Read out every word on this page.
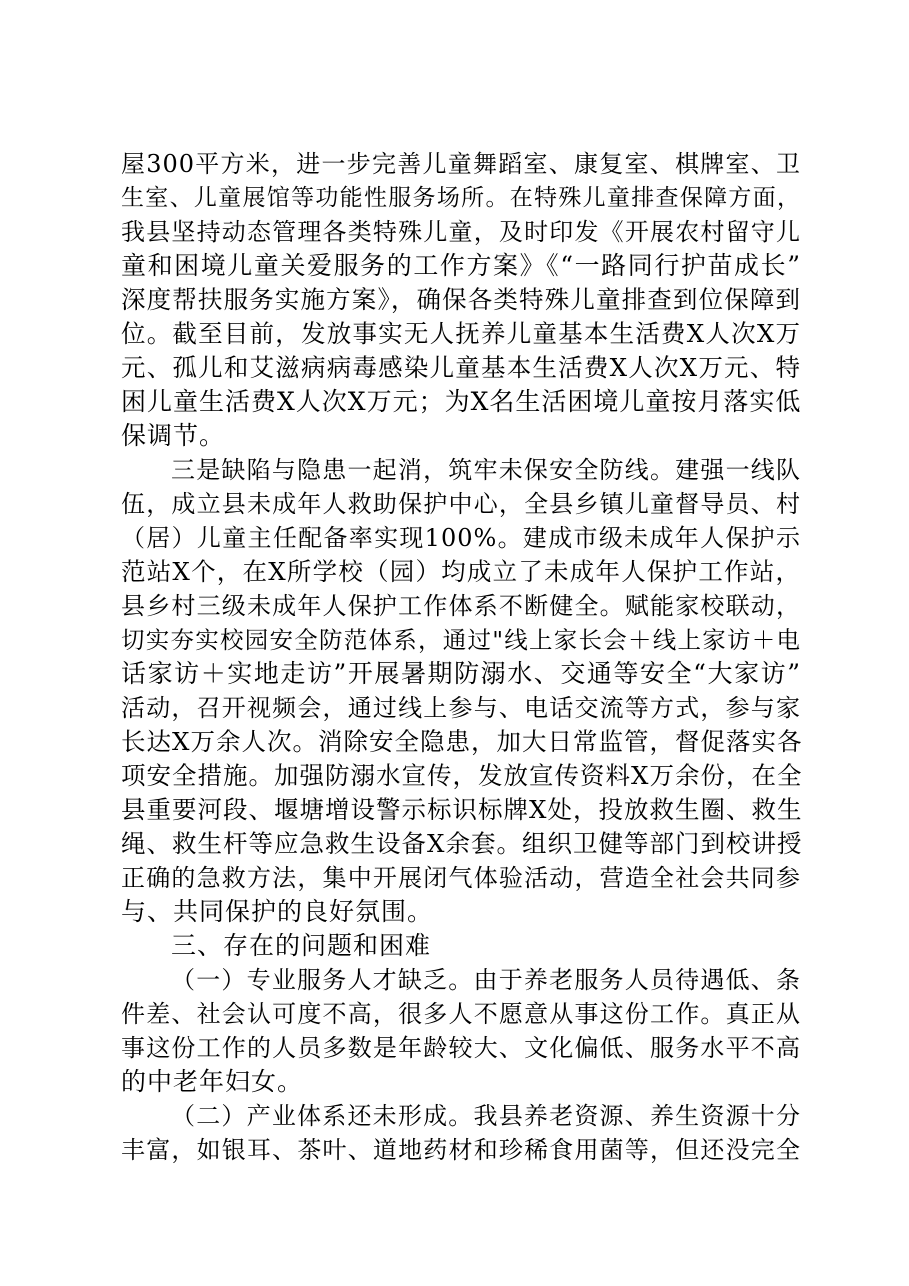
屋300平方米，进一步完善儿童舞蹈室、康复室、棋牌室、卫
生室、儿童展馆等功能性服务场所。在特殊儿童排查保障方面，
我县坚持动态管理各类特殊儿童，及时印发《开展农村留守儿
童和困境儿童关爱服务的工作方案》《“一路同行护苗成长”
深度帮扶服务实施方案》，确保各类特殊儿童排查到位保障到
位。截至目前，发放事实无人抚养儿童基本生活费X人次X万
元、孤儿和艾滋病病毒感染儿童基本生活费X人次X万元、特
困儿童生活费X人次X万元；为X名生活困境儿童按月落实低
保调节。
三是缺陷与隐患一起消，筑牢未保安全防线。建强一线队
伍，成立县未成年人救助保护中心，全县乡镇儿童督导员、村
（居）儿童主任配备率实现100%。建成市级未成年人保护示
范站X个，在X所学校（园）均成立了未成年人保护工作站，
县乡村三级未成年人保护工作体系不断健全。赋能家校联动，
切实夯实校园安全防范体系，通过"线上家长会＋线上家访＋电
话家访＋实地走访”开展暑期防溺水、交通等安全“大家访”
活动，召开视频会，通过线上参与、电话交流等方式，参与家
长达X万余人次。消除安全隐患，加大日常监管，督促落实各
项安全措施。加强防溺水宣传，发放宣传资料X万余份，在全
县重要河段、堰塘增设警示标识标牌X处，投放救生圈、救生
绳、救生杆等应急救生设备X余套。组织卫健等部门到校讲授
正确的急救方法，集中开展闭气体验活动，营造全社会共同参
与、共同保护的良好氛围。
三、存在的问题和困难
（一）专业服务人才缺乏。由于养老服务人员待遇低、条
件差、社会认可度不高，很多人不愿意从事这份工作。真正从
事这份工作的人员多数是年龄较大、文化偏低、服务水平不高
的中老年妇女。
（二）产业体系还未形成。我县养老资源、养生资源十分
丰富，如银耳、茶叶、道地药材和珍稀食用菌等，但还没完全
